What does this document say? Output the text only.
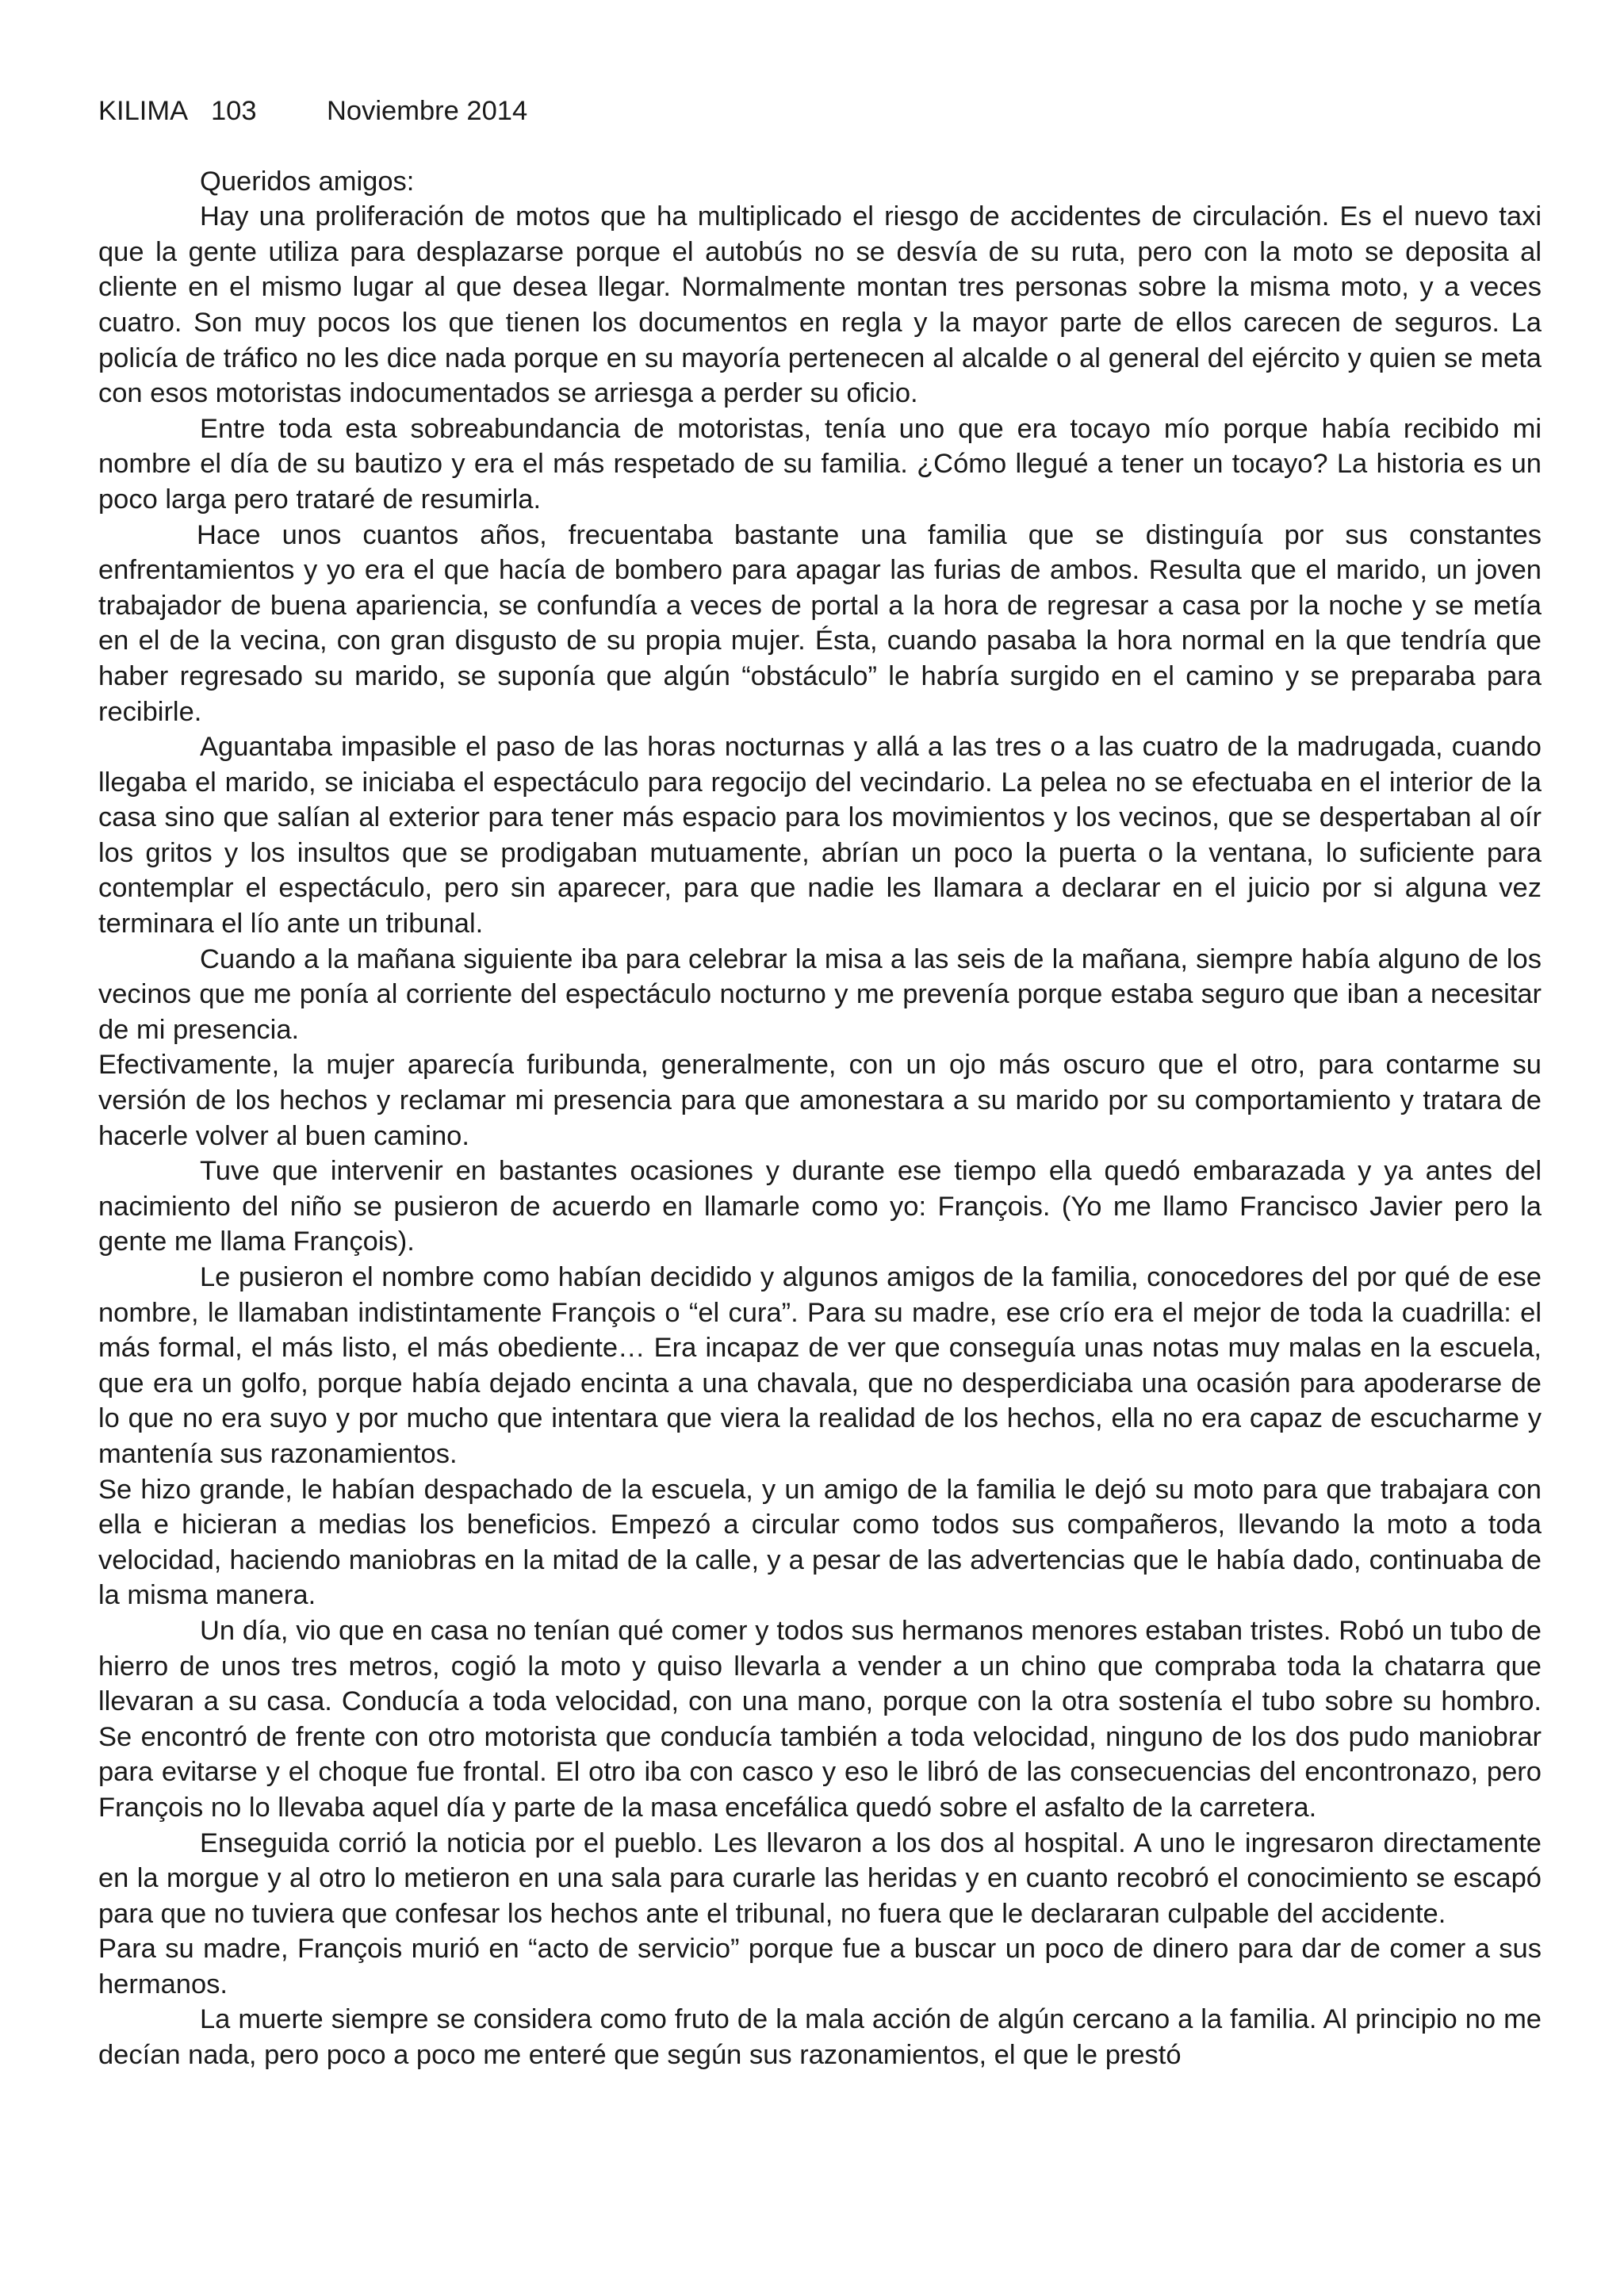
KILIMA 103	Noviembre 2014

Queridos amigos:

Hay una proliferación de motos que ha multiplicado el riesgo de accidentes de circulación. Es el nuevo taxi que la gente utiliza para desplazarse porque el autobús no se desvía de su ruta, pero con la moto se deposita al cliente en el mismo lugar al que desea llegar. Normalmente montan tres personas sobre la misma moto, y a veces cuatro. Son muy pocos los que tienen los documentos en regla y la mayor parte de ellos carecen de seguros. La policía de tráfico no les dice nada porque en su mayoría pertenecen al alcalde o al general del ejército y quien se meta con esos motoristas indocumentados se arriesga a perder su oficio.

Entre toda esta sobreabundancia de motoristas, tenía uno que era tocayo mío porque había recibido mi nombre el día de su bautizo y era el más respetado de su familia. ¿Cómo llegué a tener un tocayo? La historia es un poco larga pero trataré de resumirla.

Hace unos cuantos años, frecuentaba bastante una familia que se distinguía por sus constantes enfrentamientos y yo era el que hacía de bombero para apagar las furias de ambos. Resulta que el marido, un joven trabajador de buena apariencia, se confundía a veces de portal a la hora de regresar a casa por la noche y se metía en el de la vecina, con gran disgusto de su propia mujer. Ésta, cuando pasaba la hora normal en la que tendría que haber regresado su marido, se suponía que algún “obstáculo” le habría surgido en el camino y se preparaba para recibirle.

Aguantaba impasible el paso de las horas nocturnas y allá a las tres o a las cuatro de la madrugada, cuando llegaba el marido, se iniciaba el espectáculo para regocijo del vecindario. La pelea no se efectuaba en el interior de la casa sino que salían al exterior para tener más espacio para los movimientos y los vecinos, que se despertaban al oír los gritos y los insultos que se prodigaban mutuamente, abrían un poco la puerta o la ventana, lo suficiente para contemplar el espectáculo, pero sin aparecer, para que nadie les llamara a declarar en el juicio por si alguna vez terminara el lío ante un tribunal.

Cuando a la mañana siguiente iba para celebrar la misa a las seis de la mañana, siempre había alguno de los vecinos que me ponía al corriente del espectáculo nocturno y me prevenía porque estaba seguro que iban a necesitar de mi presencia.

Efectivamente, la mujer aparecía furibunda, generalmente, con un ojo más oscuro que el otro, para contarme su versión de los hechos y reclamar mi presencia para que amonestara a su marido por su comportamiento y tratara de hacerle volver al buen camino.

Tuve que intervenir en bastantes ocasiones y durante ese tiempo ella quedó embarazada y ya antes del nacimiento del niño se pusieron de acuerdo en llamarle como yo: François. (Yo me llamo Francisco Javier pero la gente me llama François).

Le pusieron el nombre como habían decidido y algunos amigos de la familia, conocedores del por qué de ese nombre, le llamaban indistintamente François o “el cura”. Para su madre, ese crío era el mejor de toda la cuadrilla: el más formal, el más listo, el más obediente… Era incapaz de ver que conseguía unas notas muy malas en la escuela, que era un golfo, porque había dejado encinta a una chavala, que no desperdiciaba una ocasión para apoderarse de lo que no era suyo y por mucho que intentara que viera la realidad de los hechos, ella no era capaz de escucharme y mantenía sus razonamientos.

Se hizo grande, le habían despachado de la escuela, y un amigo de la familia le dejó su moto para que trabajara con ella e hicieran a medias los beneficios. Empezó a circular como todos sus compañeros, llevando la moto a toda velocidad, haciendo maniobras en la mitad de la calle, y a pesar de las advertencias que le había dado, continuaba de la misma manera.

Un día, vio que en casa no tenían qué comer y todos sus hermanos menores estaban tristes. Robó un tubo de hierro de unos tres metros, cogió la moto y quiso llevarla a vender a un chino que compraba toda la chatarra que llevaran a su casa. Conducía a toda velocidad, con una mano, porque con la otra sostenía el tubo sobre su hombro. Se encontró de frente con otro motorista que conducía también a toda velocidad, ninguno de los dos pudo maniobrar para evitarse y el choque fue frontal. El otro iba con casco y eso le libró de las consecuencias del encontronazo, pero François no lo llevaba aquel día y parte de la masa encefálica quedó sobre el asfalto de la carretera.

Enseguida corrió la noticia por el pueblo. Les llevaron a los dos al hospital. A uno le ingresaron directamente en la morgue y al otro lo metieron en una sala para curarle las heridas y en cuanto recobró el conocimiento se escapó para que no tuviera que confesar los hechos ante el tribunal, no fuera que le declararan culpable del accidente.

Para su madre, François murió en “acto de servicio” porque fue a buscar un poco de dinero para dar de comer a sus hermanos.

La muerte siempre se considera como fruto de la mala acción de algún cercano a la familia. Al principio no me decían nada, pero poco a poco me enteré que según sus razonamientos, el que le prestó
